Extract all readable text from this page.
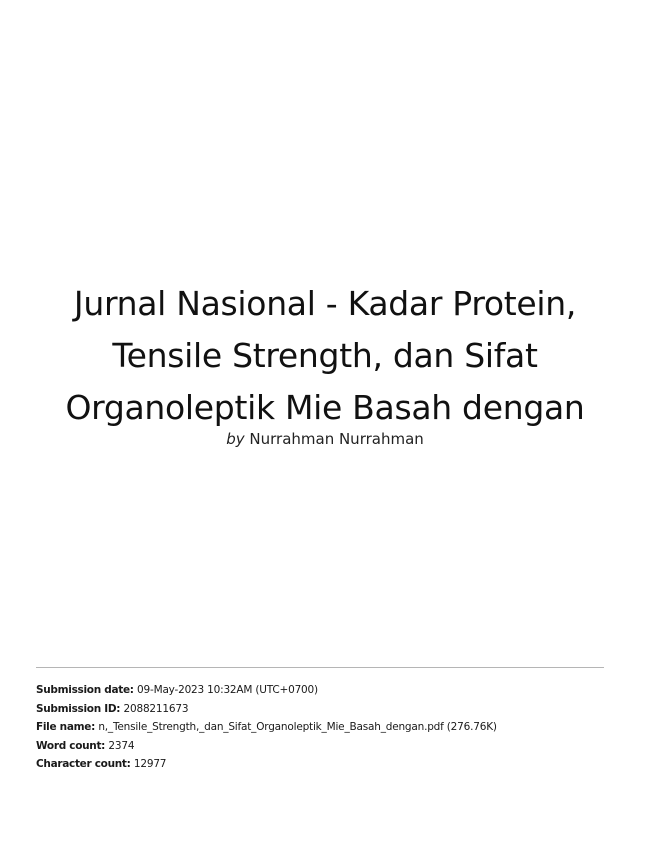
Jurnal Nasional - Kadar Protein, Tensile Strength, dan Sifat Organoleptik Mie Basah dengan
by Nurrahman Nurrahman
Submission date: 09-May-2023 10:32AM (UTC+0700)
Submission ID: 2088211673
File name: n,_Tensile_Strength,_dan_Sifat_Organoleptik_Mie_Basah_dengan.pdf (276.76K)
Word count: 2374
Character count: 12977
